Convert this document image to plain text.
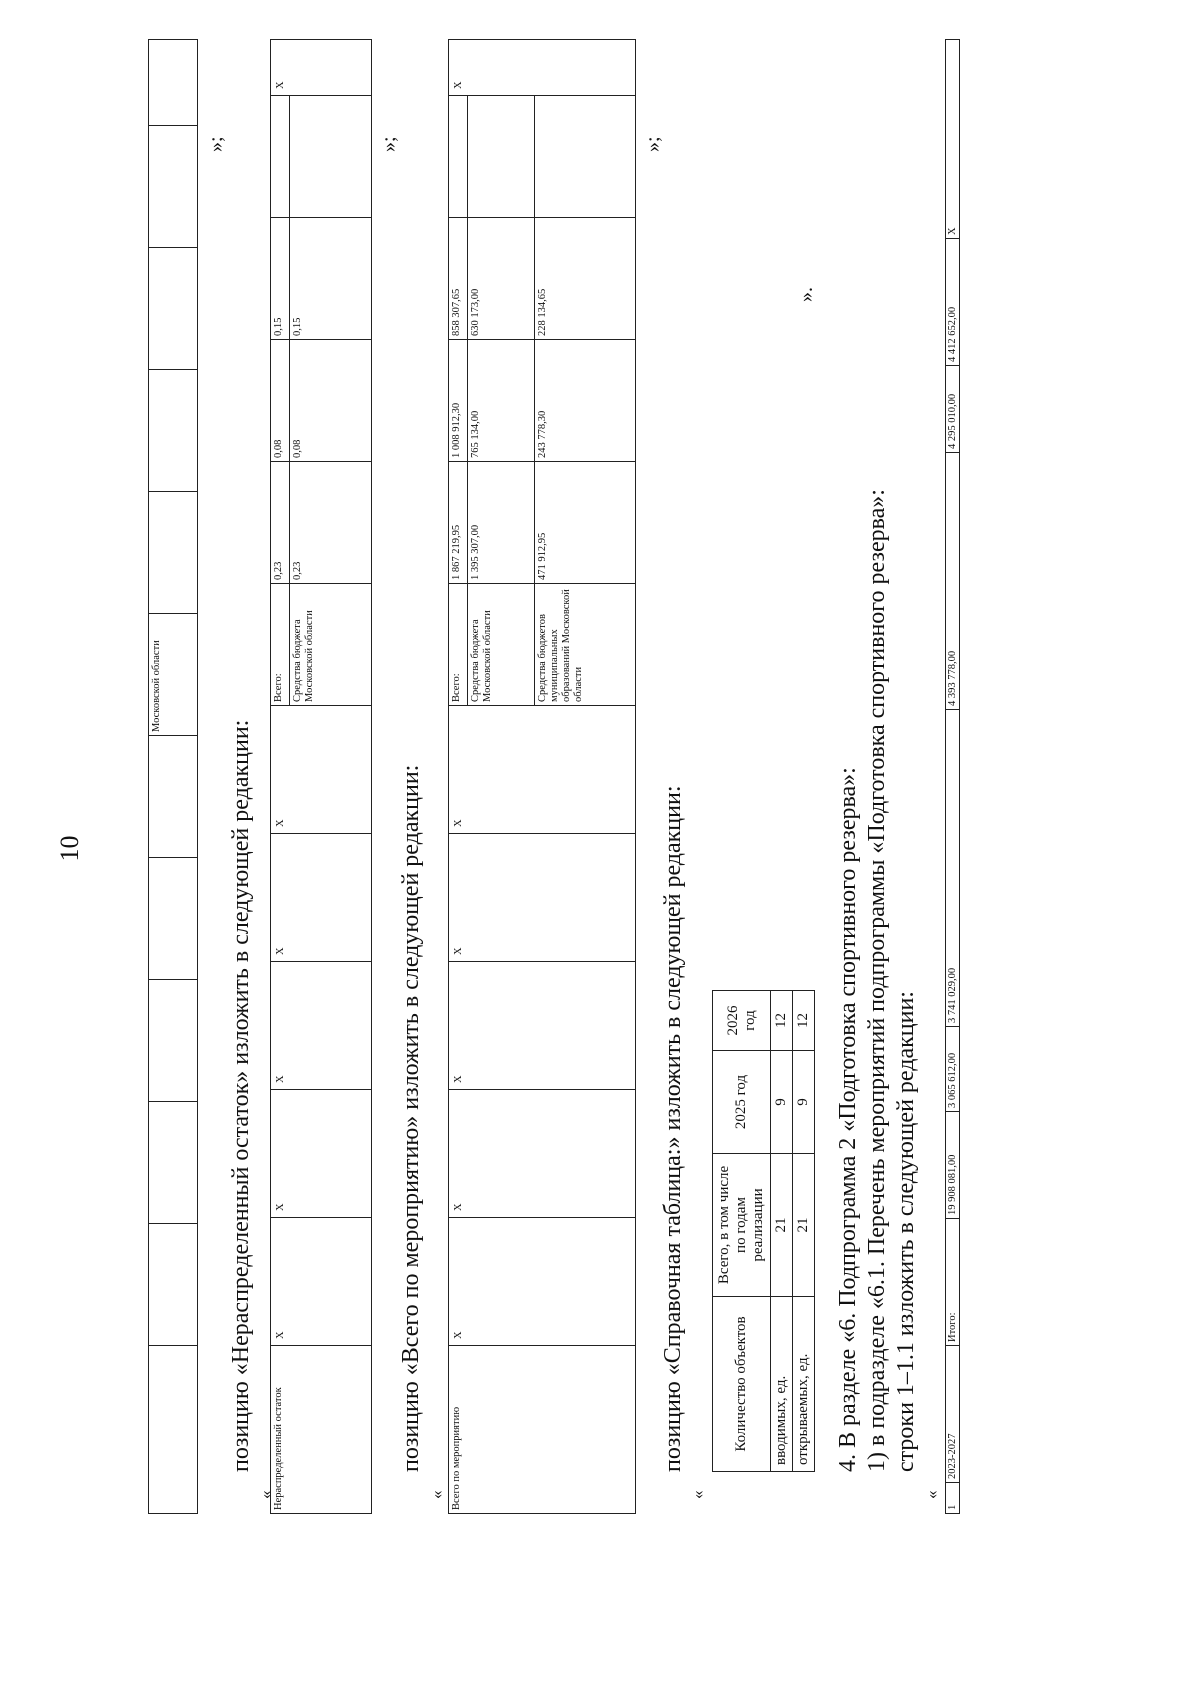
10
						Московской области					
»;
позицию «Нераспределенный остаток» изложить в следующей редакции:
«
Нераспределенный остаток	X	X	X	X	X	Всего:	0,23	0,08	0,15		X
						Средства бюджета Московской области	0,23	0,08	0,15		
»;
позицию «Всего по мероприятию» изложить в следующей редакции:
« Всего по мероприятию	X	X	X	X	X	Всего:	1 867 219,95	1 008 912,30	858 307,65		X
						Средства бюджета Московской области	1 395 307,00	765 134,00	630 173,00		
						Средства бюджетов муниципальных образований Московской области	471 912,95	243 778,30	228 134,65		
»;
позицию «Справочная таблица:» изложить в следующей редакции:
«
Количество объектов	Всего, в том числе по годам реализации	2025 год	2026 год
вводимых, ед.	21	9	12
открываемых, ед.	21	9	12
».
4. В разделе «6. Подпрограмма 2 «Подготовка спортивного резерва»: 1) в подразделе «6.1. Перечень мероприятий подпрограммы «Подготовка спортивного резерва»: строки 1–1.1 изложить в следующей редакции:
«
1	2023-2027	Итого:	19 908 081,00	3 065 612,00	3 741 029,00	4 393 778,00	4 295 010,00	4 412 652,00	X
